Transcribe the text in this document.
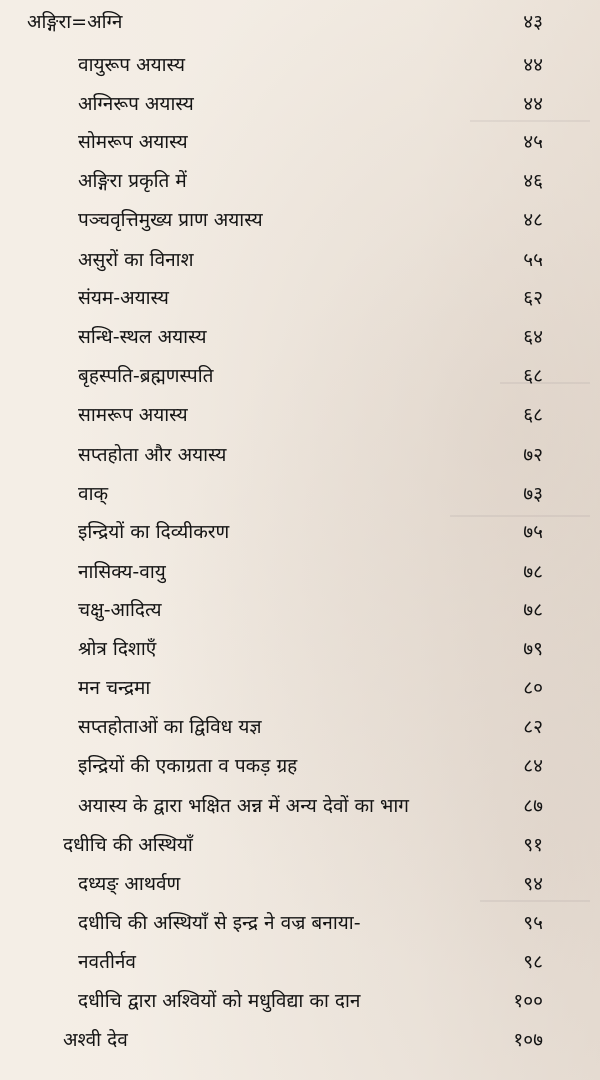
अङ्गिरा=अग्नि	४३
वायुरूप अयास्य	४४
अग्निरूप अयास्य	४४
सोमरूप अयास्य	४५
अङ्गिरा प्रकृति में	४६
पञ्चवृत्तिमुख्य प्राण अयास्य	४८
असुरों का विनाश	५५
संयम-अयास्य	६२
सन्धि-स्थल अयास्य	६४
बृहस्पति-ब्रह्मणस्पति	६८
सामरूप अयास्य	६८
सप्तहोता और अयास्य	७२
वाक्	७३
इन्द्रियों का दिव्यीकरण	७५
नासिक्य-वायु	७८
चक्षु-आदित्य	७८
श्रोत्र दिशाएँ	७९
मन चन्द्रमा	८०
सप्तहोताओं का द्विविध यज्ञ	८२
इन्द्रियों की एकाग्रता व पकड़ ग्रह	८४
अयास्य के द्वारा भक्षित अन्न में अन्य देवों का भाग	८७
दधीचि की अस्थियाँ	९१
दध्यङ् आथर्वण	९४
दधीचि की अस्थियाँ से इन्द्र ने वज्र बनाया-	९५
नवतीर्नव	९८
दधीचि द्वारा अश्वियों को मधुविद्या का दान	१००
अश्वी देव	१०७
